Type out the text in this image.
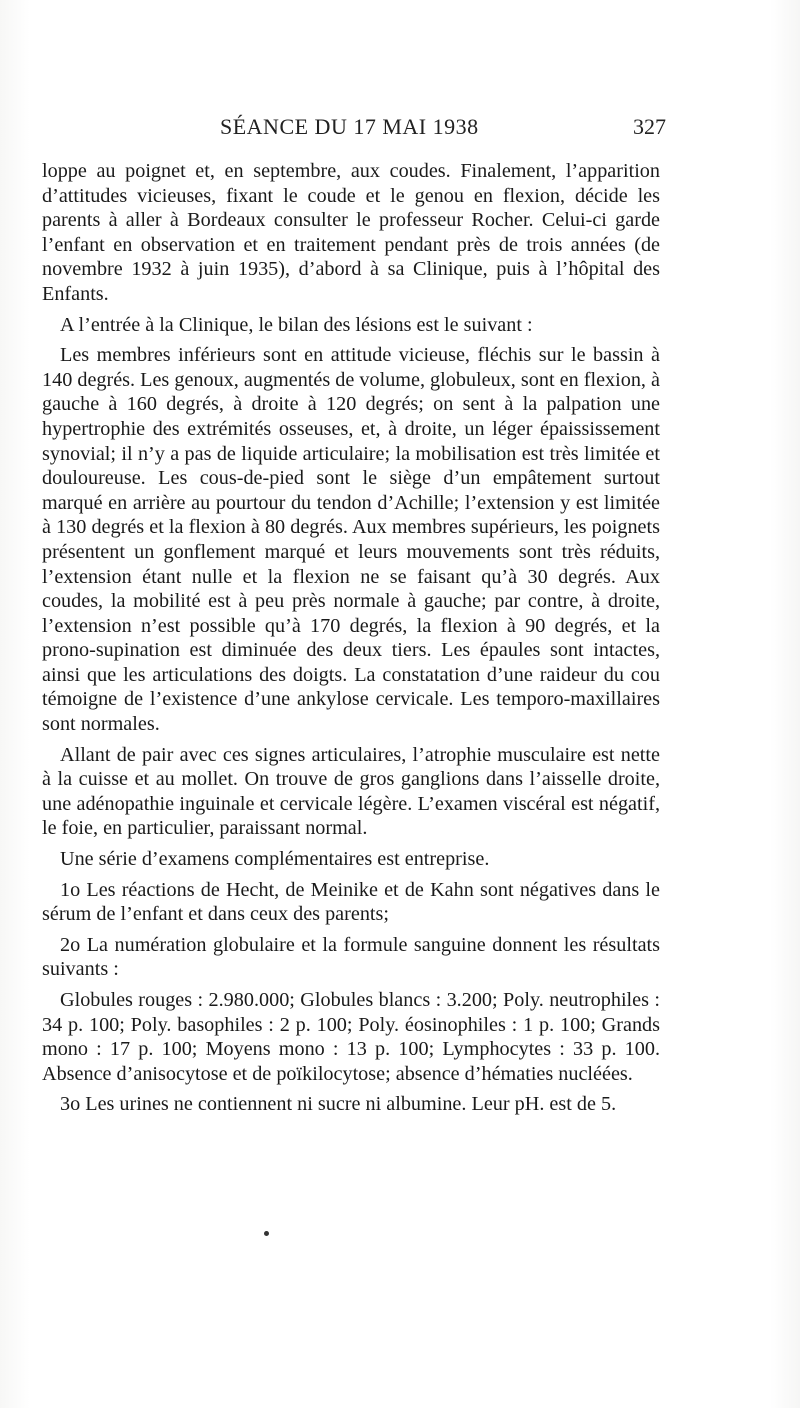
SÉANCE DU 17 MAI 1938	327

loppe au poignet et, en septembre, aux coudes. Finalement, l’apparition d’attitudes vicieuses, fixant le coude et le genou en flexion, décide les parents à aller à Bordeaux consulter le professeur Rocher. Celui-ci garde l’enfant en observation et en traitement pendant près de trois années (de novembre 1932 à juin 1935), d’abord à sa Clinique, puis à l’hôpital des Enfants.

A l’entrée à la Clinique, le bilan des lésions est le suivant :

Les membres inférieurs sont en attitude vicieuse, fléchis sur le bassin à 140 degrés. Les genoux, augmentés de volume, globuleux, sont en flexion, à gauche à 160 degrés, à droite à 120 degrés; on sent à la palpation une hypertrophie des extrémités osseuses, et, à droite, un léger épaississement synovial; il n’y a pas de liquide articulaire; la mobilisation est très limitée et douloureuse. Les cous-de-pied sont le siège d’un empâtement surtout marqué en arrière au pourtour du tendon d’Achille; l’extension y est limitée à 130 degrés et la flexion à 80 degrés. Aux membres supérieurs, les poignets présentent un gonflement marqué et leurs mouvements sont très réduits, l’extension étant nulle et la flexion ne se faisant qu’à 30 degrés. Aux coudes, la mobilité est à peu près normale à gauche; par contre, à droite, l’extension n’est possible qu’à 170 degrés, la flexion à 90 degrés, et la prono-supination est diminuée des deux tiers. Les épaules sont intactes, ainsi que les articulations des doigts. La constatation d’une raideur du cou témoigne de l’existence d’une ankylose cervicale. Les temporo-maxillaires sont normales.

Allant de pair avec ces signes articulaires, l’atrophie musculaire est nette à la cuisse et au mollet. On trouve de gros ganglions dans l’aisselle droite, une adénopathie inguinale et cervicale légère. L’examen viscéral est négatif, le foie, en particulier, paraissant normal.

Une série d’examens complémentaires est entreprise.

1o Les réactions de Hecht, de Meinike et de Kahn sont négatives dans le sérum de l’enfant et dans ceux des parents;

2o La numération globulaire et la formule sanguine donnent les résultats suivants :

Globules rouges : 2.980.000; Globules blancs : 3.200; Poly. neutrophiles : 34 p. 100; Poly. basophiles : 2 p. 100; Poly. éosinophiles : 1 p. 100; Grands mono : 17 p. 100; Moyens mono : 13 p. 100; Lymphocytes : 33 p. 100. Absence d’anisocytose et de poïkilocytose; absence d’hématies nucléées.

3o Les urines ne contiennent ni sucre ni albumine. Leur pH. est de 5.
